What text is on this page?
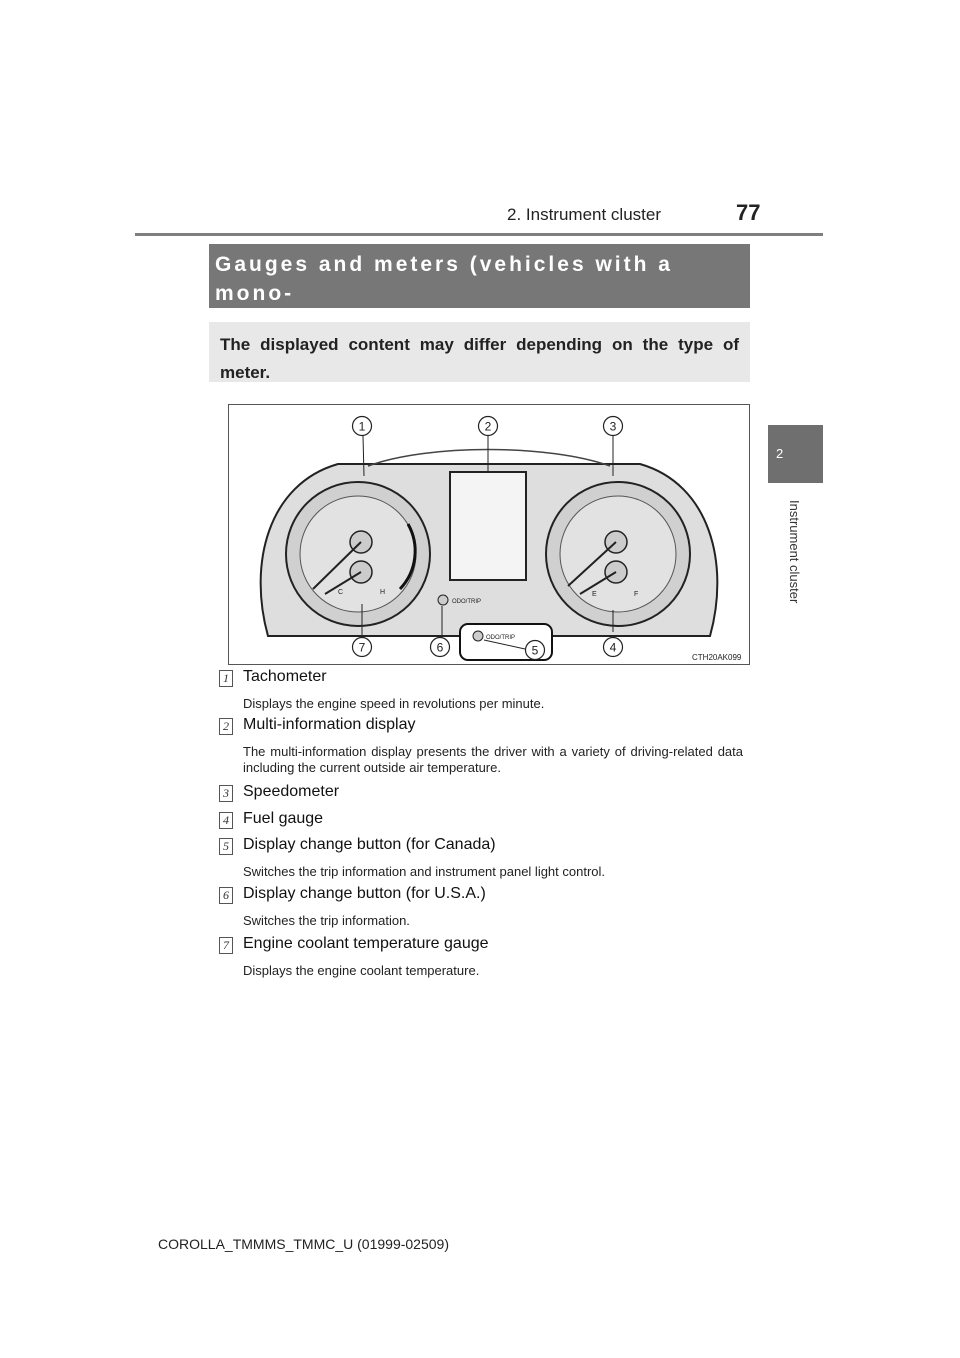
2. Instrument cluster	77
2
Instrument cluster
Gauges and meters (vehicles with a mono-
The displayed content may differ depending on the type of meter.
C	H	E	F
ODO/TRIP
ODO/TRIP
1	2	3
4
5
6
7
CTH20AK099
1 Tachometer
Displays the engine speed in revolutions per minute.
2 Multi-information display
The multi-information display presents the driver with a variety of driving-related data including the current outside air temperature.
3 Speedometer
4 Fuel gauge
5 Display change button (for Canada)
Switches the trip information and instrument panel light control.
6 Display change button (for U.S.A.)
Switches the trip information.
7 Engine coolant temperature gauge
Displays the engine coolant temperature.
COROLLA_TMMMS_TMMC_U (01999-02509)
